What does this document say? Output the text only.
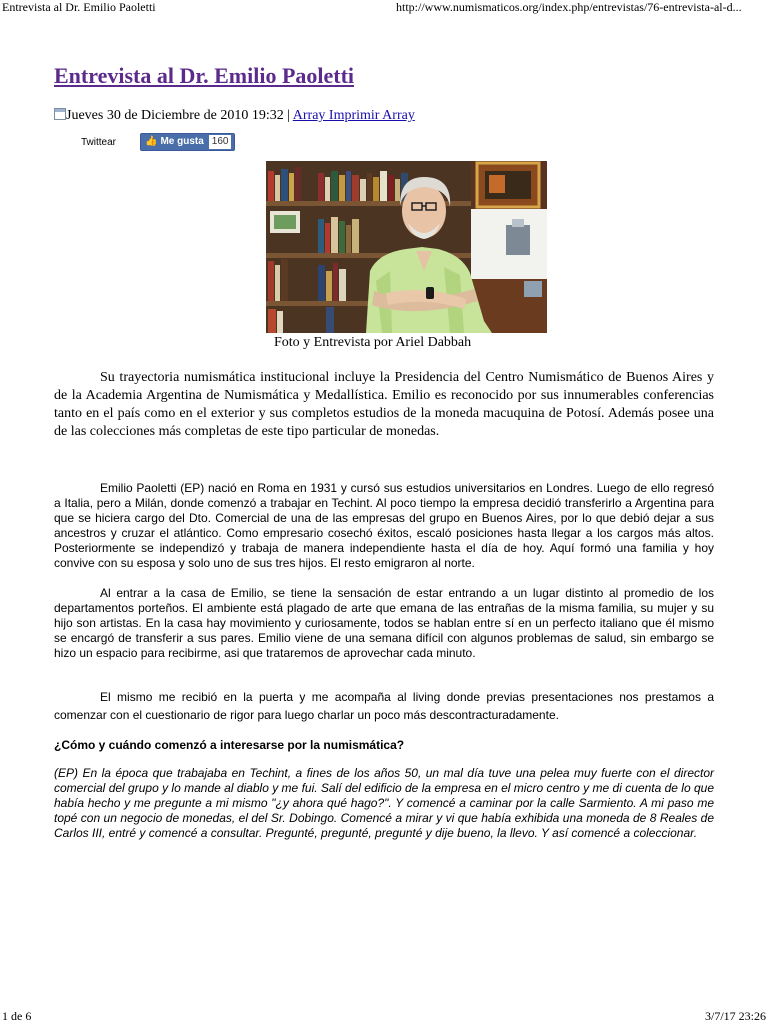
Entrevista al Dr. Emilio Paoletti	http://www.numismaticos.org/index.php/entrevistas/76-entrevista-al-d...
Entrevista al Dr. Emilio Paoletti
Jueves 30 de Diciembre de 2010 19:32 | Array Imprimir Array
Twittear	👍 Me gusta 160
Foto y Entrevista por Ariel Dabbah

Su trayectoria numismática institucional incluye la Presidencia del Centro Numismático de Buenos Aires y de la Academia Argentina de Numismática y Medallística. Emilio es reconocido por sus innumerables conferencias tanto en el país como en el exterior y sus completos estudios de la moneda macuquina de Potosí. Además posee una de las colecciones más completas de este tipo particular de monedas.

Emilio Paoletti (EP) nació en Roma en 1931 y cursó sus estudios universitarios en Londres. Luego de ello regresó a Italia, pero a Milán, donde comenzó a trabajar en Techint. Al poco tiempo la empresa decidió transferirlo a Argentina para que se hiciera cargo del Dto. Comercial de una de las empresas del grupo en Buenos Aires, por lo que debió dejar a sus ancestros y cruzar el atlántico. Como empresario cosechó éxitos, escaló posiciones hasta llegar a los cargos más altos. Posteriormente se independizó y trabaja de manera independiente hasta el día de hoy. Aquí formó una familia y hoy convive con su esposa y solo uno de sus tres hijos. El resto emigraron al norte.

Al entrar a la casa de Emilio, se tiene la sensación de estar entrando a un lugar distinto al promedio de los departamentos porteños. El ambiente está plagado de arte que emana de las entrañas de la misma familia, su mujer y su hijo son artistas. En la casa hay movimiento y curiosamente, todos se hablan entre sí en un perfecto italiano que él mismo se encargó de transferir a sus pares. Emilio viene de una semana difícil con algunos problemas de salud, sin embargo se hizo un espacio para recibirme, asi que trataremos de aprovechar cada minuto.

El mismo me recibió en la puerta y me acompaña al living donde previas presentaciones nos prestamos a comenzar con el cuestionario de rigor para luego charlar un poco más descontracturadamente.

¿Cómo y cuándo comenzó a interesarse por la numismática?

(EP) En la época que trabajaba en Techint, a fines de los años 50, un mal día tuve una pelea muy fuerte con el director comercial del grupo y lo mande al diablo y me fui. Salí del edificio de la empresa en el micro centro y me di cuenta de lo que había hecho y me pregunte a mi mismo "¿y ahora qué hago?". Y comencé a caminar por la calle Sarmiento. A mi paso me topé con un negocio de monedas, el del Sr. Dobingo. Comencé a mirar y vi que había exhibida una moneda de 8 Reales de Carlos III, entré y comencé a consultar. Pregunté, pregunté, pregunté y dije bueno, la llevo. Y así comencé a coleccionar.

1 de 6	3/7/17 23:26
